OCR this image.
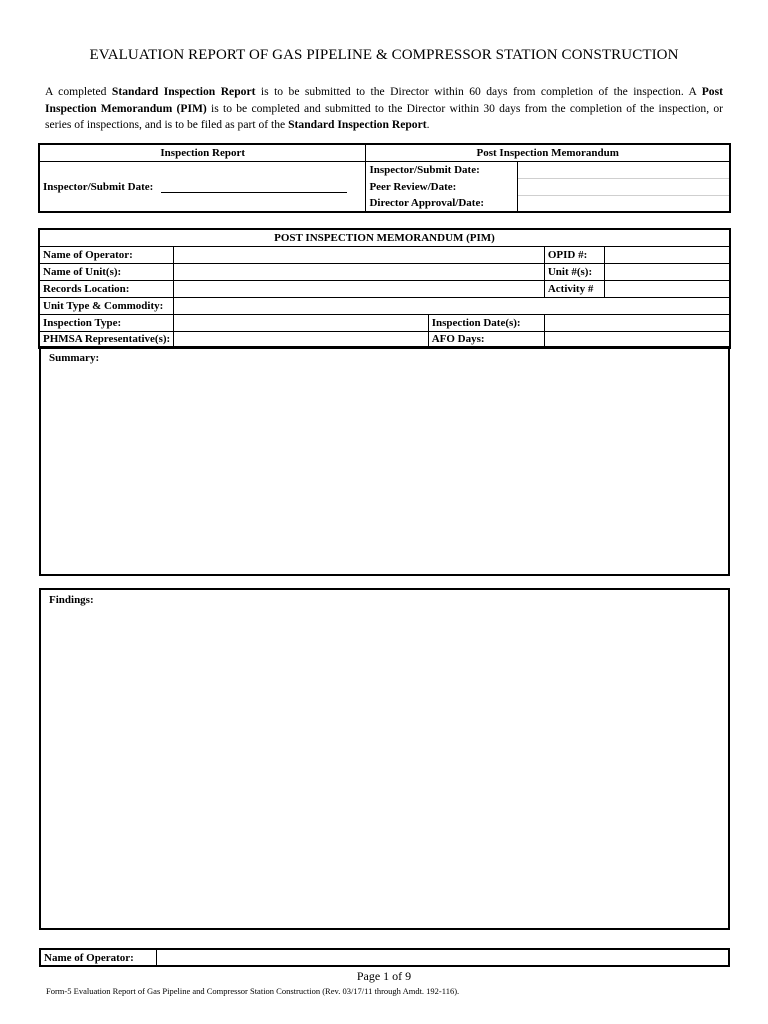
EVALUATION REPORT OF GAS PIPELINE & COMPRESSOR STATION CONSTRUCTION

A completed Standard Inspection Report is to be submitted to the Director within 60 days from completion of the inspection. A Post Inspection Memorandum (PIM) is to be completed and submitted to the Director within 30 days from the completion of the inspection, or series of inspections, and is to be filed as part of the Standard Inspection Report.

Inspection Report	Post Inspection Memorandum	

Inspector/Submit Date:	Inspector/Submit Date:	
	Peer Review/Date:	
	Director Approval/Date:	
POST INSPECTION MEMORANDUM (PIM)				
Name of Operator:			OPID #:	
Name of Unit(s):			Unit #(s):	
Records Location:			Activity #	
Unit Type & Commodity:				
Inspection Type:		Inspection Date(s):		
PHMSA Representative(s):		AFO Days:		
Summary:
Findings:
Name of Operator:	
Page 1 of 9
Form-5 Evaluation Report of Gas Pipeline and Compressor Station Construction (Rev. 03/17/11 through Amdt. 192-116).
